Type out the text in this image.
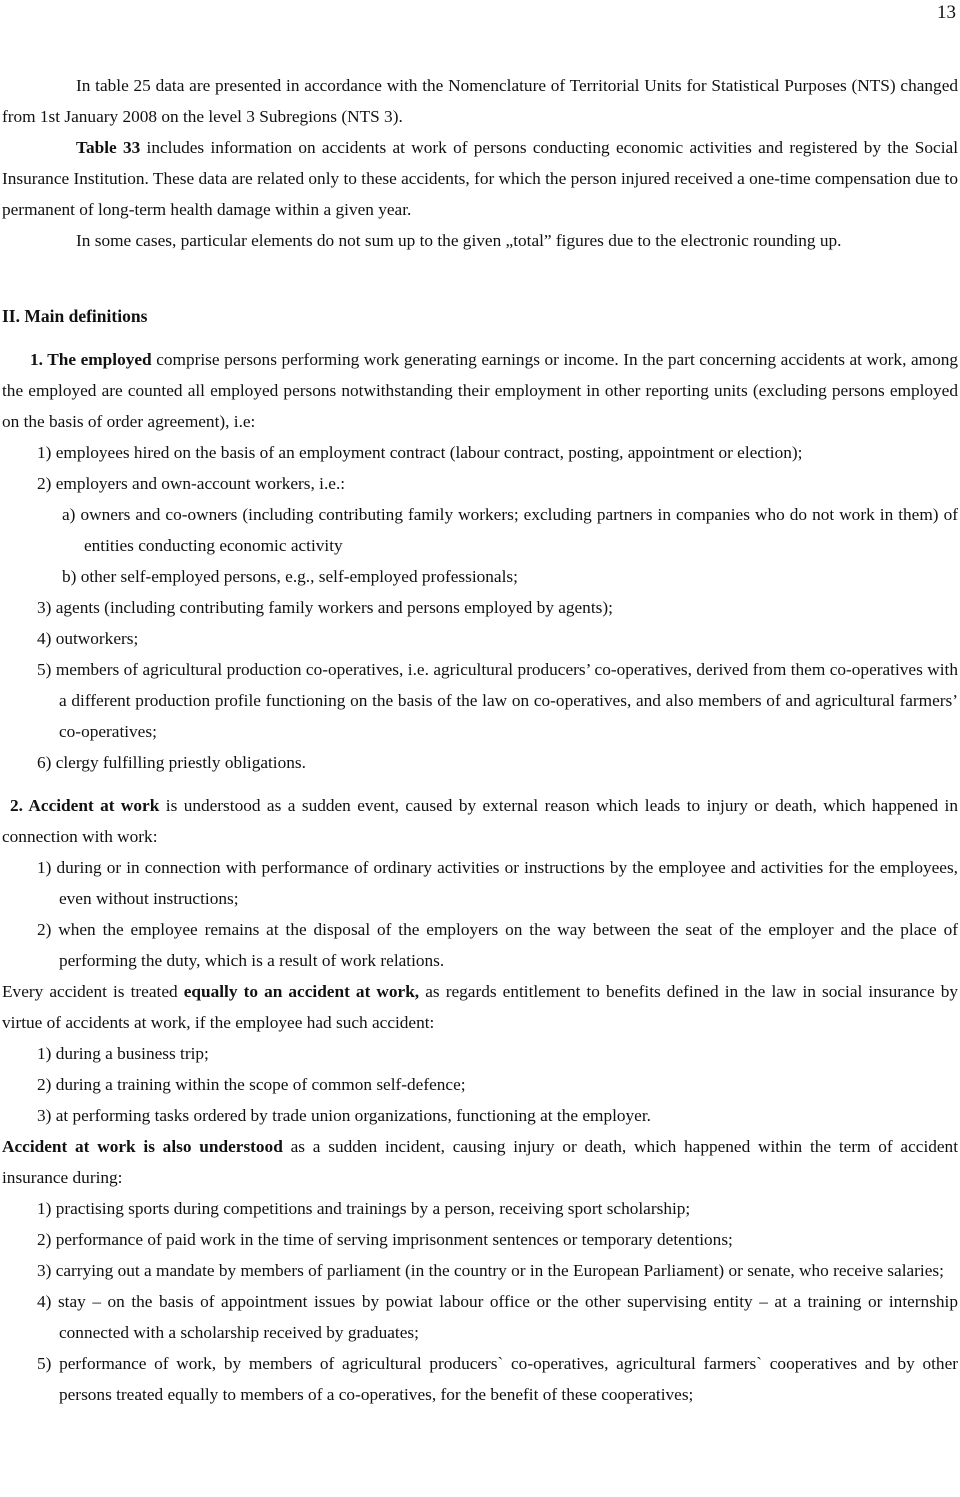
13

In table 25 data are presented in accordance with the Nomenclature of Territorial Units for Statistical Purposes (NTS) changed from 1st January 2008 on the level 3 Subregions (NTS 3).

Table 33 includes information on accidents at work of persons conducting economic activities and registered by the Social Insurance Institution. These data are related only to these accidents, for which the person injured received a one-time compensation due to permanent of long-term health damage within a given year.

In some cases, particular elements do not sum up to the given „total” figures due to the electronic rounding up.

II. Main definitions

1. The employed comprise persons performing work generating earnings or income. In the part concerning accidents at work, among the employed are counted all employed persons notwithstanding their employment in other reporting units (excluding persons employed on the basis of order agreement), i.e:

1) employees hired on the basis of an employment contract (labour contract, posting, appointment or election);
2) employers and own-account workers, i.e.:
a) owners and co-owners (including contributing family workers; excluding partners in companies who do not work in them) of entities conducting economic activity
b) other self-employed persons, e.g., self-employed professionals;
3) agents (including contributing family workers and persons employed by agents);
4) outworkers;
5) members of agricultural production co-operatives, i.e. agricultural producers’ co-operatives, derived from them co-operatives with a different production profile functioning on the basis of the law on co-operatives, and also members of and agricultural farmers’ co-operatives;
6) clergy fulfilling priestly obligations.

2. Accident at work is understood as a sudden event, caused by external reason which leads to injury or death, which happened in connection with work:

1) during or in connection with performance of ordinary activities or instructions by the employee and activities for the employees, even without instructions;
2) when the employee remains at the disposal of the employers on the way between the seat of the employer and the place of performing the duty, which is a result of work relations.

Every accident is treated equally to an accident at work, as regards entitlement to benefits defined in the law in social insurance by virtue of accidents at work, if the employee had such accident:

1) during a business trip;
2) during a training within the scope of common self-defence;
3) at performing tasks ordered by trade union organizations, functioning at the employer.

Accident at work is also understood as a sudden incident, causing injury or death, which happened within the term of accident insurance during:

1) practising sports during competitions and trainings by a person, receiving sport scholarship;
2) performance of paid work in the time of serving imprisonment sentences or temporary detentions;
3) carrying out a mandate by members of parliament (in the country or in the European Parliament) or senate, who receive salaries;
4) stay – on the basis of appointment issues by powiat labour office or the other supervising entity – at a training or internship connected with a scholarship received by graduates;
5) performance of work, by members of agricultural producers` co-operatives, agricultural farmers` cooperatives and by other persons treated equally to members of a co-operatives, for the benefit of these cooperatives;
